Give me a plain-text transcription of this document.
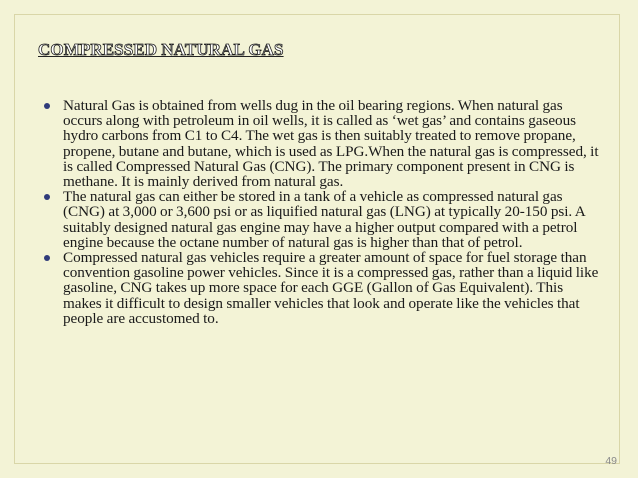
COMPRESSED NATURAL GAS
Natural Gas is obtained from wells dug in the oil bearing regions. When natural gas occurs along with petroleum in oil wells, it is called as ‘wet gas’ and contains gaseous hydro carbons from C1 to C4. The wet gas is then suitably treated to remove propane, propene, butane and butane, which is used as LPG.When the natural gas is compressed, it is called Compressed Natural Gas (CNG). The primary component present in CNG is methane. It is mainly derived from natural gas.
The natural gas can either be stored in a tank of a vehicle as compressed natural gas (CNG) at 3,000 or 3,600 psi or as liquified natural gas (LNG) at typically 20-150 psi. A suitably designed natural gas engine may have a higher output compared with a petrol engine because the octane number of natural gas is higher than that of petrol.
Compressed natural gas vehicles require a greater amount of space for fuel storage than convention gasoline power vehicles. Since it is a compressed gas, rather than a liquid like gasoline, CNG takes up more space for each GGE (Gallon of Gas Equivalent). This makes it difficult to design smaller vehicles that look and operate like the vehicles that people are accustomed to.
49
